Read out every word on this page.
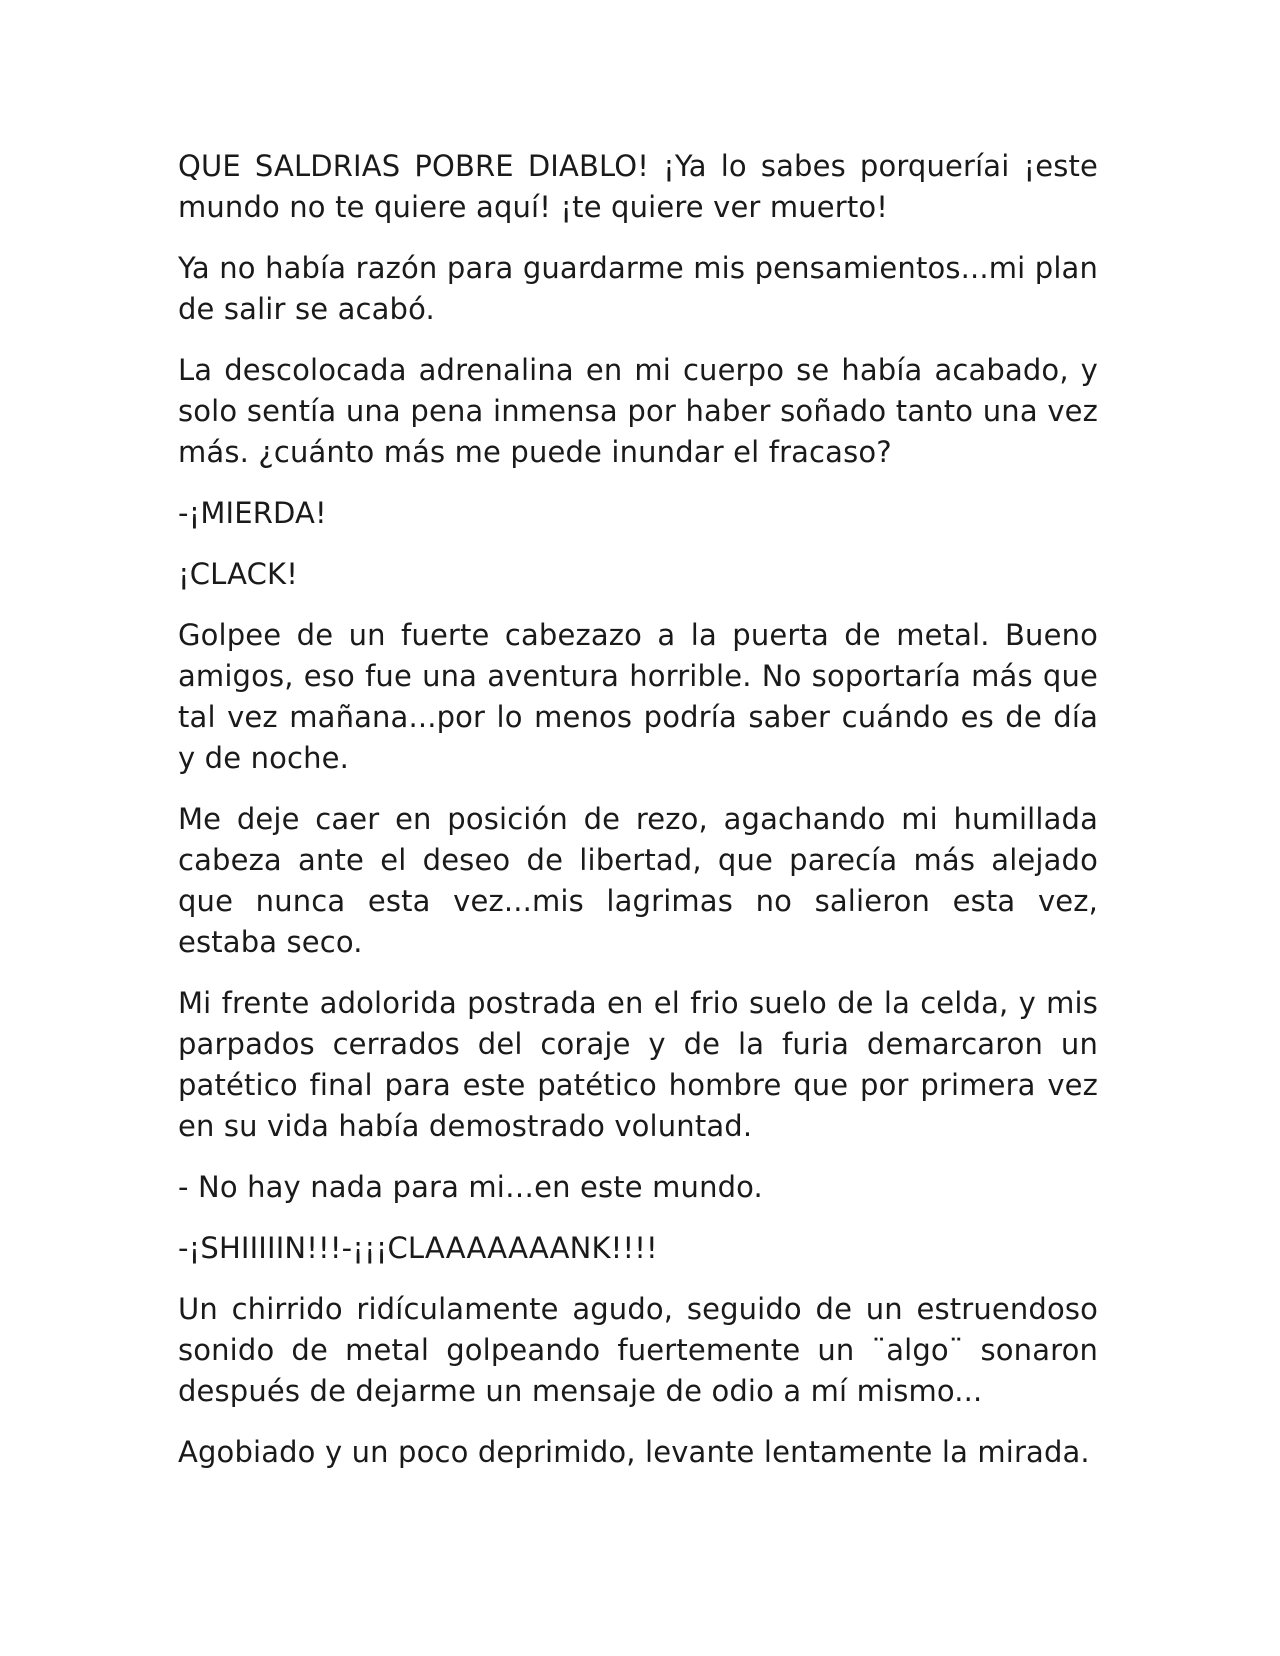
QUE SALDRIAS POBRE DIABLO! ¡Ya lo sabes porqueríai ¡este mundo no te quiere aquí! ¡te quiere ver muerto!

Ya no había razón para guardarme mis pensamientos...mi plan de salir se acabó.

La descolocada adrenalina en mi cuerpo se había acabado, y solo sentía una pena inmensa por haber soñado tanto una vez más. ¿cuánto más me puede inundar el fracaso?

-¡MIERDA!

¡CLACK!

Golpee de un fuerte cabezazo a la puerta de metal. Bueno amigos, eso fue una aventura horrible. No soportaría más que tal vez mañana...por lo menos podría saber cuándo es de día y de noche.

Me deje caer en posición de rezo, agachando mi humillada cabeza ante el deseo de libertad, que parecía más alejado que nunca esta vez...mis lagrimas no salieron esta vez, estaba seco.

Mi frente adolorida postrada en el frio suelo de la celda, y mis parpados cerrados del coraje y de la furia demarcaron un patético final para este patético hombre que por primera vez en su vida había demostrado voluntad.

- No hay nada para mi…en este mundo.

-¡SHIIIIIN!!!-¡¡¡CLAAAAAAANK!!!!

Un chirrido ridículamente agudo, seguido de un estruendoso sonido de metal golpeando fuertemente un ¨algo¨ sonaron después de dejarme un mensaje de odio a mí mismo...

Agobiado y un poco deprimido, levante lentamente la mirada.
